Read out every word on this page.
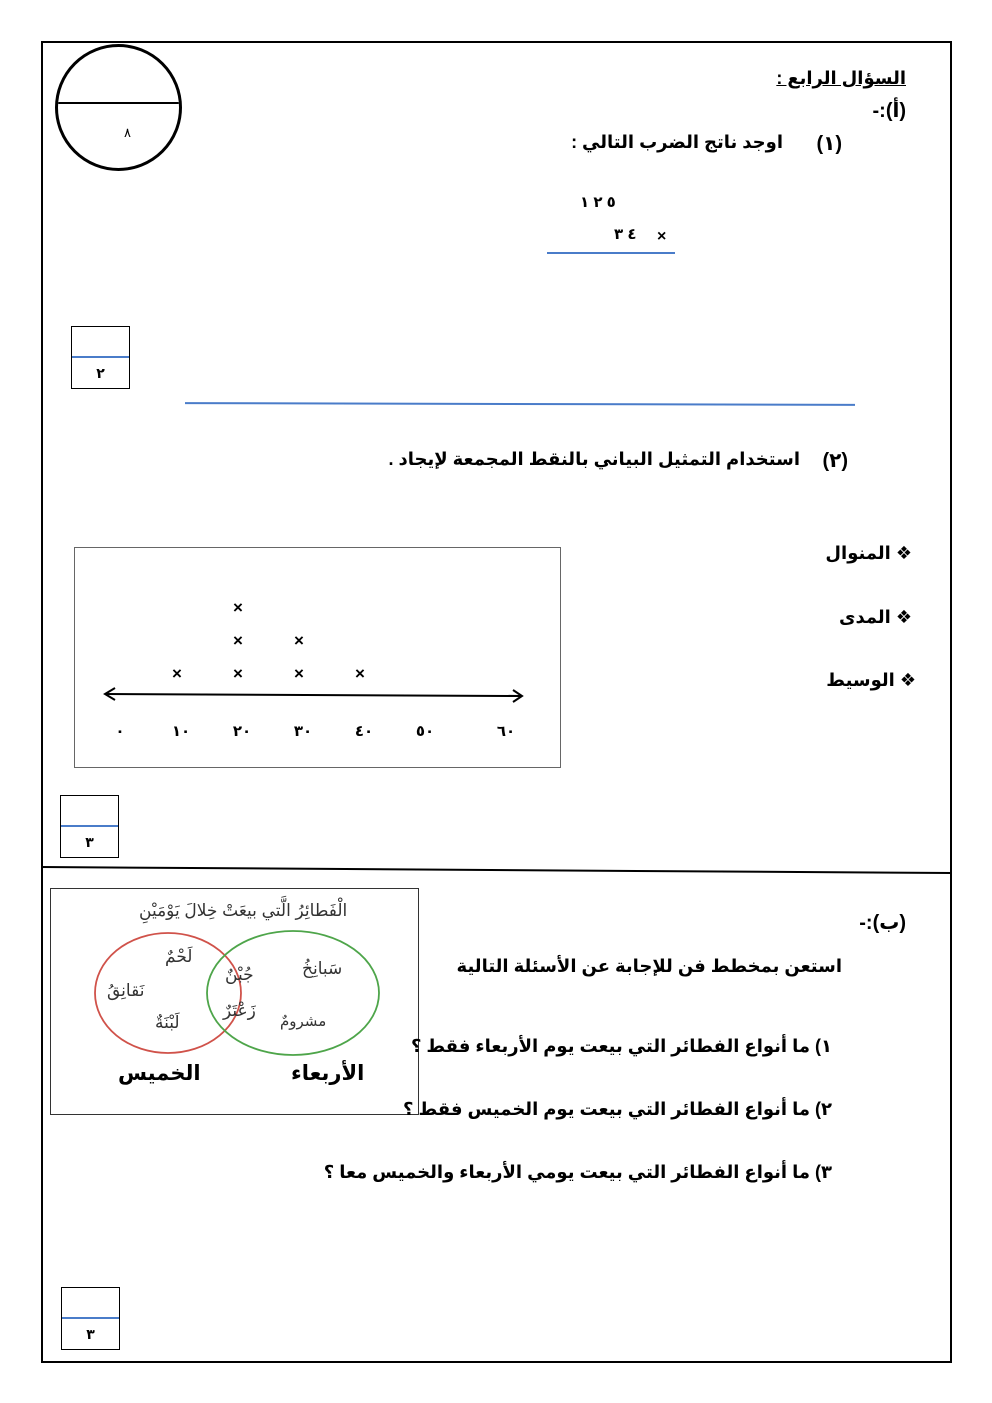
٨
السؤال الرابع :
(أ):-
(١)
اوجد ناتج الضرب التالي :
٥ ٢ ١
٤ ٣ ×
٢
(٢)
استخدام التمثيل البياني بالنقط المجمعة لإيجاد .
❖ المنوال
❖ المدى
❖ الوسيط
٠	١٠	٢٠	٣٠	٤٠	٥٠	٦٠
×	×
×
×
×
×
×
٣
الْفَطائِرُ الَّتي بيعَتْ خِلالَ يَوْمَيْنِ
لَحْمٌ
نَقانِقُ
لَبْنَةٌ
جُبْنٌ
زَعْتَرٌ
سَبانِخُ
مشرومٌ
الخميس	الأربعاء
(ب):-
استعن بمخطط فن للإجابة عن الأسئلة التالية
١) ما أنواع الفطائر التي بيعت يوم الأربعاء فقط ؟
٢) ما أنواع الفطائر التي بيعت يوم الخميس فقط ؟
٣) ما أنواع الفطائر التي بيعت يومي الأربعاء والخميس معا ؟
٣
